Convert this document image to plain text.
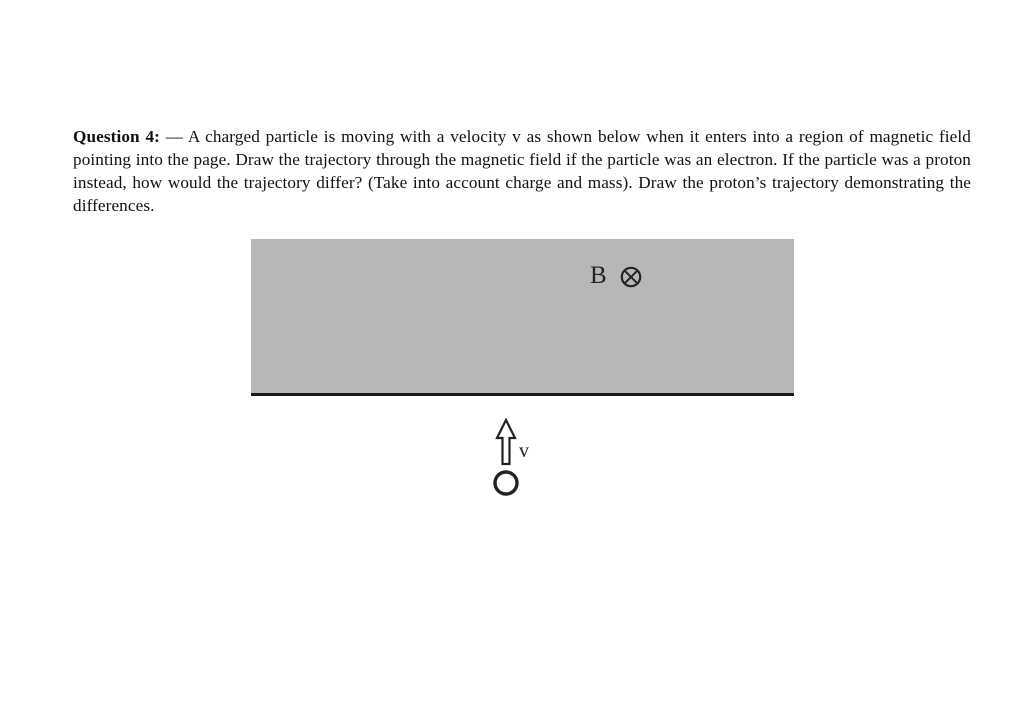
Question 4: — A charged particle is moving with a velocity v as shown below when it enters into a region of magnetic field pointing into the page. Draw the trajectory through the magnetic field if the particle was an electron. If the particle was a proton instead, how would the trajectory differ? (Take into account charge and mass). Draw the proton’s trajectory demonstrating the differences.
B
v
